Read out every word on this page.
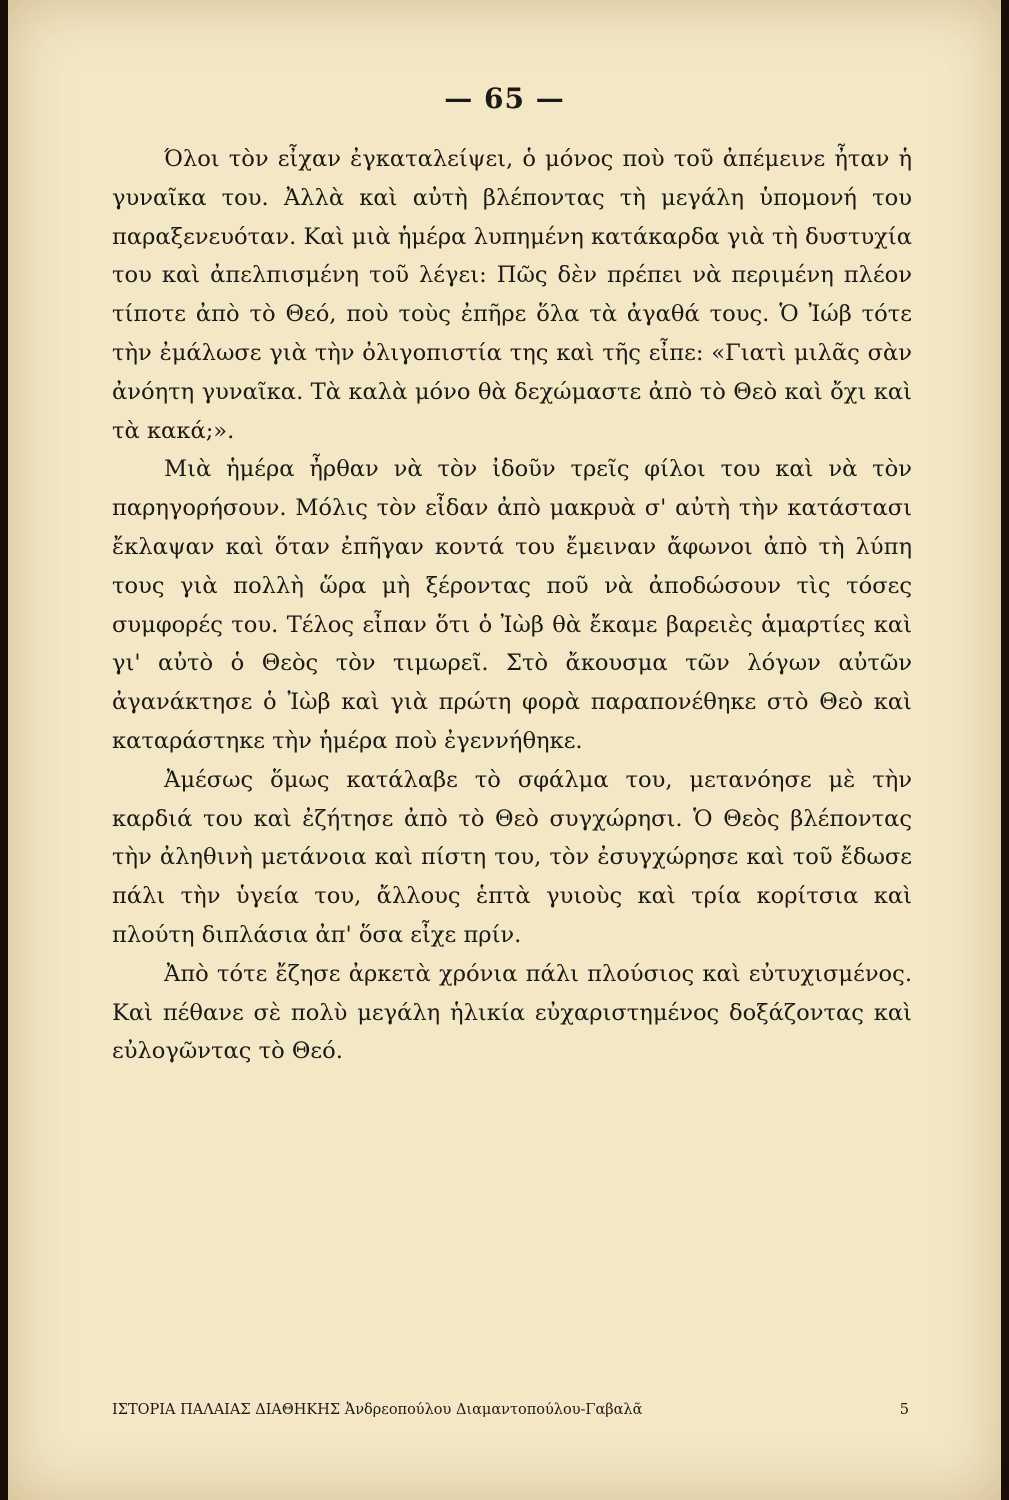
— 65 —

Όλοι τὸν εἶχαν ἐγκαταλείψει, ὁ μόνος ποὺ τοῦ ἀπέμεινε ἦταν ἡ γυναῖκα του. Ἀλλὰ καὶ αὐτὴ βλέποντας τὴ μεγάλη ὑπομονή του παραξενευόταν. Καὶ μιὰ ἡμέρα λυπημένη κατάκαρδα γιὰ τὴ δυστυχία του καὶ ἀπελπισμένη τοῦ λέγει: Πῶς δὲν πρέπει νὰ περιμένη πλέον τίποτε ἀπὸ τὸ Θεό, ποὺ τοὺς ἐπῆρε ὅλα τὰ ἀγαθά τους. Ὁ Ἰώβ τότε τὴν ἐμάλωσε γιὰ τὴν ὀλιγοπιστία της καὶ τῆς εἶπε: «Γιατὶ μιλᾶς σὰν ἀνόητη γυναῖκα. Τὰ καλὰ μόνο θὰ δεχώμαστε ἀπὸ τὸ Θεὸ καὶ ὄχι καὶ τὰ κακά;».

Μιὰ ἡμέρα ἦρθαν νὰ τὸν ἰδοῦν τρεῖς φίλοι του καὶ νὰ τὸν παρηγορήσουν. Μόλις τὸν εἶδαν ἀπὸ μακρυὰ σ' αὐτὴ τὴν κατάστασι ἔκλαψαν καὶ ὅταν ἐπῆγαν κοντά του ἔμειναν ἄφωνοι ἀπὸ τὴ λύπη τους γιὰ πολλὴ ὥρα μὴ ξέροντας ποῦ νὰ ἀποδώσουν τὶς τόσες συμφορές του. Τέλος εἶπαν ὅτι ὁ Ἰὼβ θὰ ἔκαμε βαρειὲς ἁμαρτίες καὶ γι' αὐτὸ ὁ Θεὸς τὸν τιμωρεῖ. Στὸ ἄκουσμα τῶν λόγων αὐτῶν ἀγανάκτησε ὁ Ἰὼβ καὶ γιὰ πρώτη φορὰ παραπονέθηκε στὸ Θεὸ καὶ καταράστηκε τὴν ἡμέρα ποὺ ἐγεννήθηκε.

Ἀμέσως ὅμως κατάλαβε τὸ σφάλμα του, μετανόησε μὲ τὴν καρδιά του καὶ ἐζήτησε ἀπὸ τὸ Θεὸ συγχώρησι. Ὁ Θεὸς βλέποντας τὴν ἀληθινὴ μετάνοια καὶ πίστη του, τὸν ἐσυγχώρησε καὶ τοῦ ἔδωσε πάλι τὴν ὑγεία του, ἄλλους ἑπτὰ γυιοὺς καὶ τρία κορίτσια καὶ πλούτη διπλάσια ἀπ' ὅσα εἶχε πρίν.

Ἀπὸ τότε ἔζησε ἀρκετὰ χρόνια πάλι πλούσιος καὶ εὐτυχισμένος. Καὶ πέθανε σὲ πολὺ μεγάλη ἡλικία εὐχαριστημένος δοξάζοντας καὶ εὐλογῶντας τὸ Θεό.

ΙΣΤΟΡΙΑ ΠΑΛΑΙΑΣ ΔΙΑΘΗΚΗΣ Ἀνδρεοπούλου Διαμαντοπούλου-Γαβαλᾶ	5
